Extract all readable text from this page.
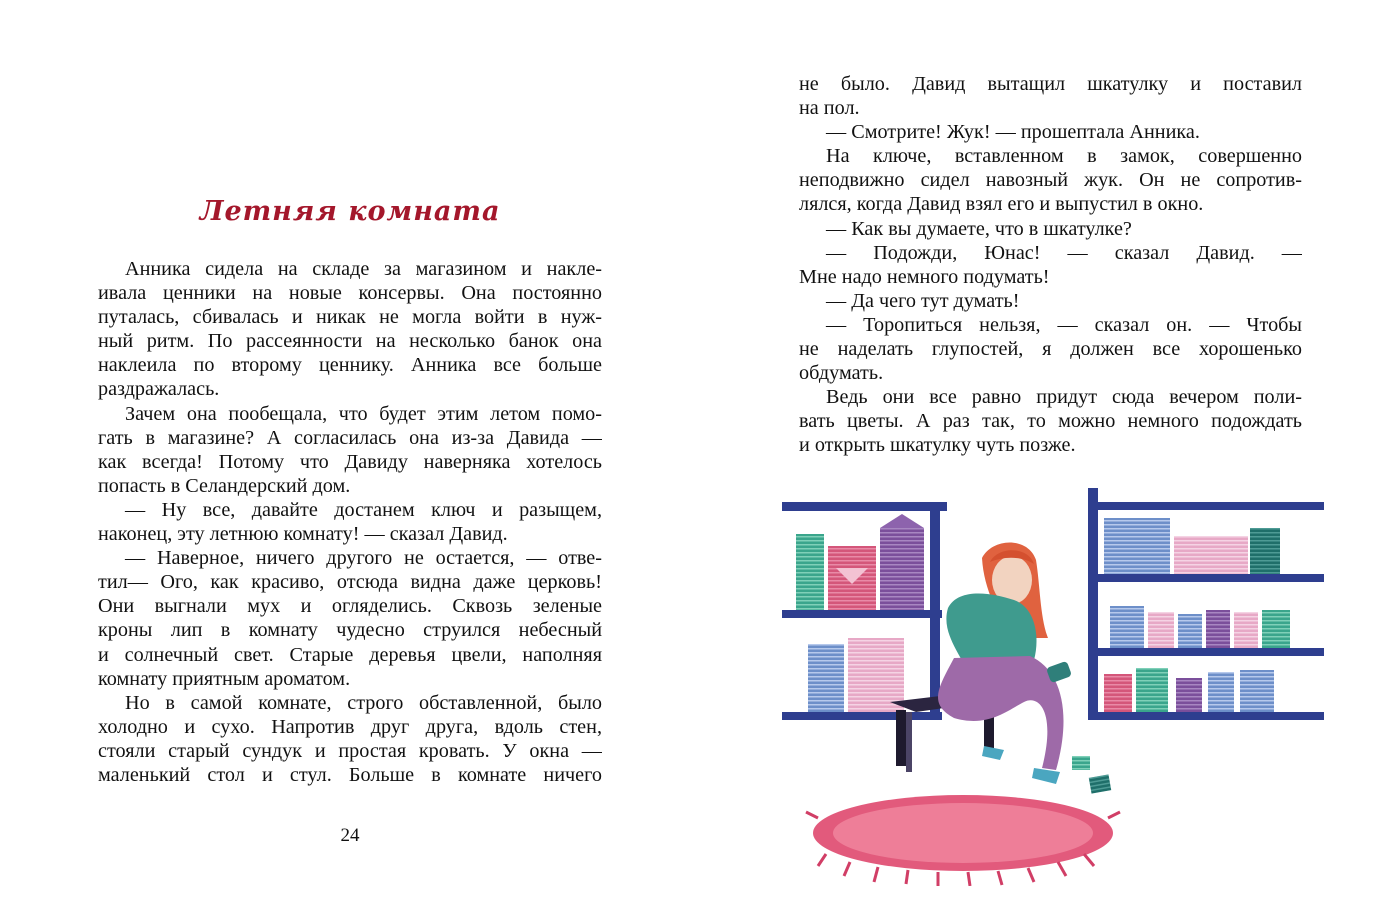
Летняя комната
Анника сидела на складе за магазином и накле-
ивала ценники на новые консервы. Она постоянно
путалась, сбивалась и никак не могла войти в нуж-
ный ритм. По рассеянности на несколько банок она
наклеила по второму ценнику. Анника все больше
раздражалась.
Зачем она пообещала, что будет этим летом помо-
гать в магазине? А согласилась она из-за Давида —
как всегда! Потому что Давиду наверняка хотелось
попасть в Селандерский дом.
— Ну все, давайте достанем ключ и разыщем,
наконец, эту летнюю комнату! — сказал Давид.
— Наверное, ничего другого не остается, — отве-
тил— Ого, как красиво, отсюда видна даже церковь!
Они выгнали мух и огляделись. Сквозь зеленые
кроны лип в комнату чудесно струился небесный
и солнечный свет. Старые деревья цвели, наполняя
комнату приятным ароматом.
Но в самой комнате, строго обставленной, было
холодно и сухо. Напротив друг друга, вдоль стен,
стояли старый сундук и простая кровать. У окна —
маленький стол и стул. Больше в комнате ничего
24
не было. Давид вытащил шкатулку и поставил
на пол.
— Смотрите! Жук! — прошептала Анника.
На ключе, вставленном в замок, совершенно
неподвижно сидел навозный жук. Он не сопротив-
лялся, когда Давид взял его и выпустил в окно.
— Как вы думаете, что в шкатулке?
— Подожди, Юнас! — сказал Давид. —
Мне надо немного подумать!
— Да чего тут думать!
— Торопиться нельзя, — сказал он. — Чтобы
не наделать глупостей, я должен все хорошенько
обдумать.
Ведь они все равно придут сюда вечером поли-
вать цветы. А раз так, то можно немного подождать
и открыть шкатулку чуть позже.
